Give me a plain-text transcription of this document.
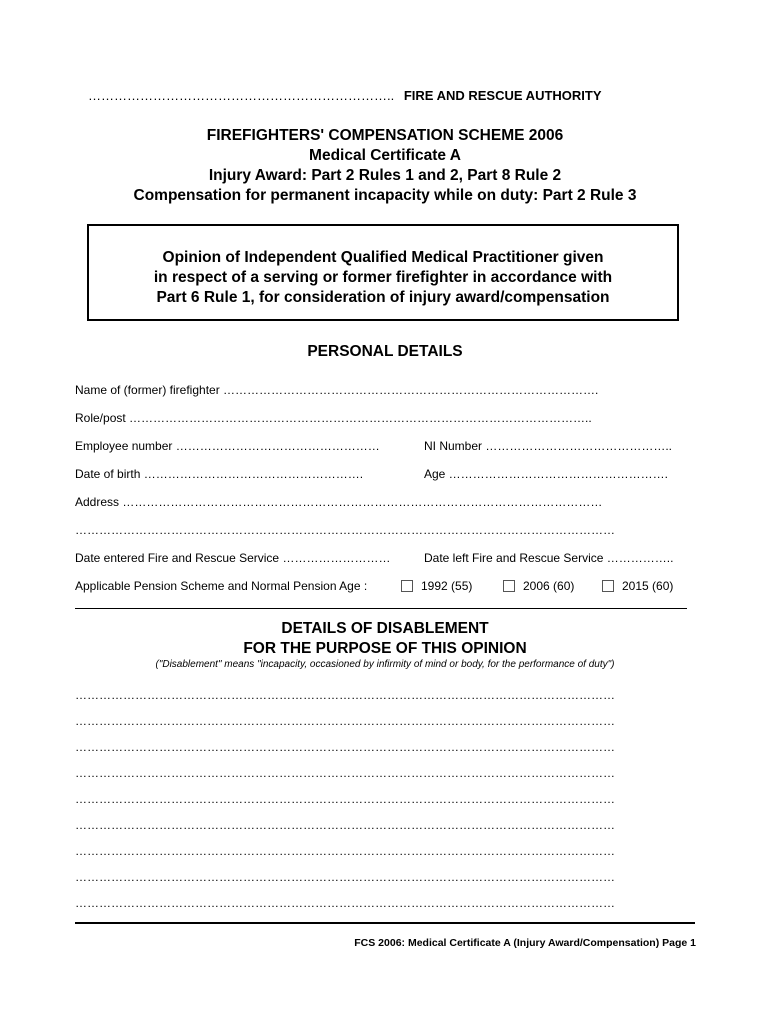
…………………………………………………………….. FIRE AND RESCUE AUTHORITY
FIREFIGHTERS' COMPENSATION SCHEME 2006
Medical Certificate A
Injury Award: Part 2 Rules 1 and 2, Part 8 Rule 2
Compensation for permanent incapacity while on duty: Part 2 Rule 3
Opinion of Independent Qualified Medical Practitioner given
in respect of a serving or former firefighter in accordance with
Part 6 Rule 1, for consideration of injury award/compensation
PERSONAL DETAILS
Name of (former) firefighter ………………………………………………………………………………….
Role/post ……………………………………………………………………………………………………..
Employee number ……………………………………………	NI Number ………………………………………..
Date of birth ……………………………………………….	Age ……………………………………………….
Address …………………………………………………………………………………………………………
………………………………………………………………………………………………………………………
Date entered Fire and Rescue Service ………………………	Date left Fire and Rescue Service ……………..
Applicable Pension Scheme and Normal Pension Age :	1992 (55)	2006 (60)	2015 (60)
DETAILS OF DISABLEMENT
FOR THE PURPOSE OF THIS OPINION
("Disablement" means "incapacity, occasioned by infirmity of mind or body, for the performance of duty")
………………………………………………………………………………………………………………………
………………………………………………………………………………………………………………………
………………………………………………………………………………………………………………………
………………………………………………………………………………………………………………………
………………………………………………………………………………………………………………………
………………………………………………………………………………………………………………………
………………………………………………………………………………………………………………………
………………………………………………………………………………………………………………………
………………………………………………………………………………………………………………………
FCS 2006: Medical Certificate A (Injury Award/Compensation) Page 1
